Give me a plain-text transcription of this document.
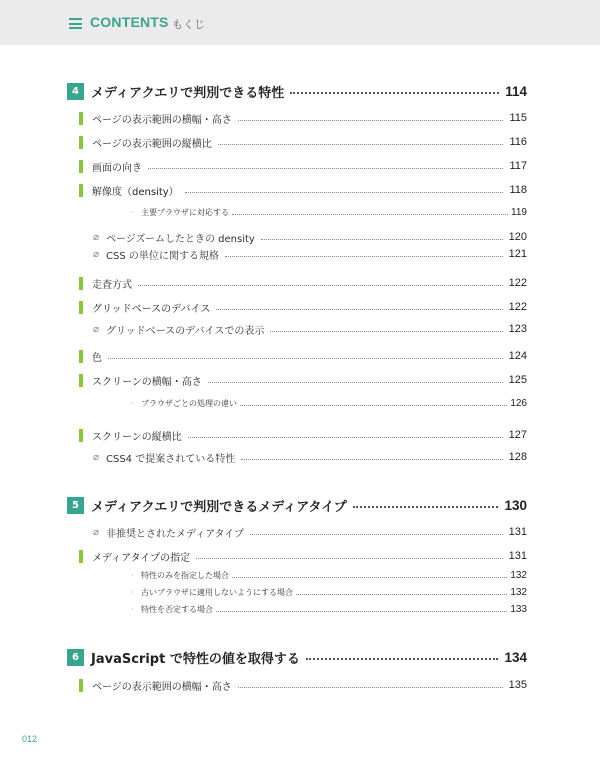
CONTENTS もくじ
4 メディアクエリで判別できる特性	114
ページの表示範囲の横幅・高さ	115
ページの表示範囲の縦横比	116
画面の向き	117
解像度（density）	118
· 主要ブラウザに対応する	119
⌀ ページズームしたときの density	120
⌀ CSS の単位に関する規格	121
走査方式	122
グリッドベースのデバイス	122
⌀ グリッドベースのデバイスでの表示	123
色	124
スクリーンの横幅・高さ	125
· ブラウザごとの処理の違い	126
スクリーンの縦横比	127
⌀ CSS4 で提案されている特性	128
5 メディアクエリで判別できるメディアタイプ	130
⌀ 非推奨とされたメディアタイプ	131
メディアタイプの指定	131
· 特性のみを指定した場合	132
· 古いブラウザに適用しないようにする場合	132
· 特性を否定する場合	133
6 JavaScript で特性の値を取得する	134
ページの表示範囲の横幅・高さ	135
012
